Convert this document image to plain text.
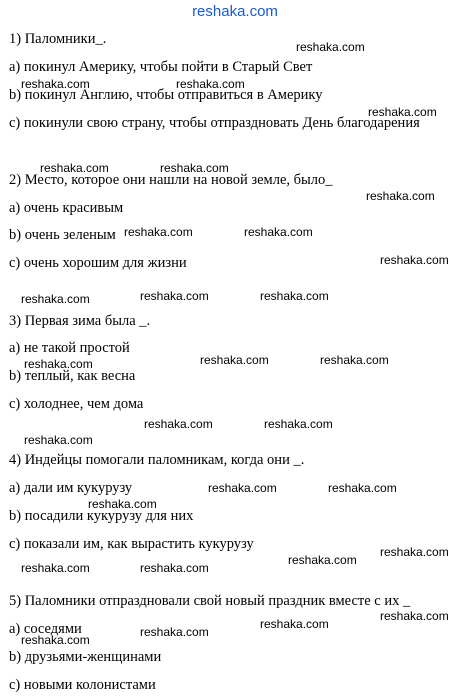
reshaka.com
1) Паломники_.
a) покинул Америку, чтобы пойти в Старый Свет
b) покинул Англию, чтобы отправиться в Америку
c) покинули свою страну, чтобы отпраздновать День благодарения
2) Место, которое они нашли на новой земле, было_
a) очень красивым
b) очень зеленым
c) очень хорошим для жизни
3) Первая зима была _.
a) не такой простой
b) теплый, как весна
c) холоднее, чем дома
4) Индейцы помогали паломникам, когда они _.
a) дали им кукурузу
b) посадили кукурузу для них
c) показали им, как вырастить кукурузу
5) Паломники отпраздновали свой новый праздник вместе с их _
a) соседями
b) друзьями-женщинами
c) новыми колонистами
reshaka.com
reshaka.com	reshaka.com
reshaka.com
reshaka.com	reshaka.com
reshaka.com
reshaka.com	reshaka.com
reshaka.com
reshaka.com	reshaka.com	reshaka.com
reshaka.com	reshaka.com
reshaka.com
reshaka.com	reshaka.com
reshaka.com
reshaka.com	reshaka.com
reshaka.com
reshaka.com
reshaka.com
reshaka.com	reshaka.com
reshaka.com
reshaka.com
reshaka.com
reshaka.com
